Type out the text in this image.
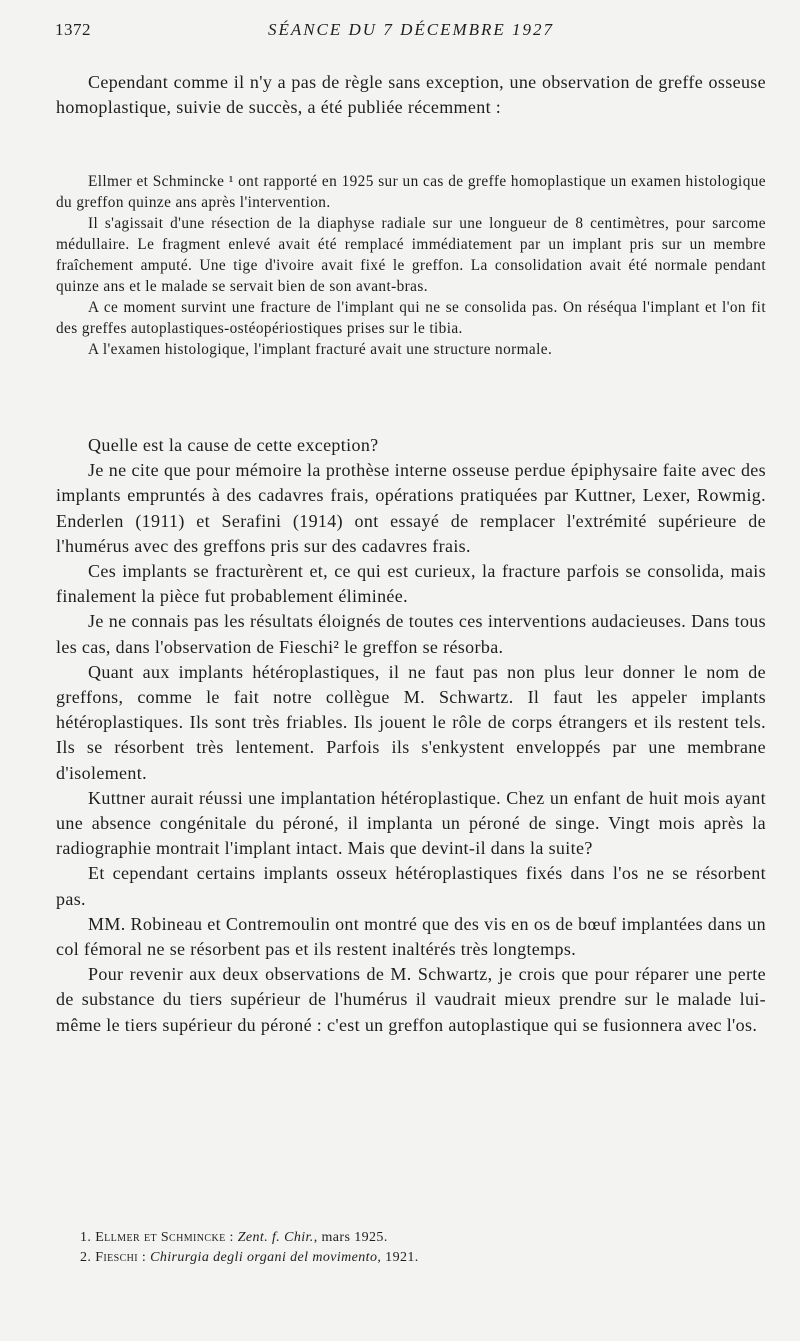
1372	SÉANCE DU 7 DÉCEMBRE 1927

Cependant comme il n'y a pas de règle sans exception, une observation de greffe osseuse homoplastique, suivie de succès, a été publiée récemment :

Ellmer et Schmincke ¹ ont rapporté en 1925 sur un cas de greffe homoplastique un examen histologique du greffon quinze ans après l'intervention.

Il s'agissait d'une résection de la diaphyse radiale sur une longueur de 8 centimètres, pour sarcome médullaire. Le fragment enlevé avait été remplacé immédiatement par un implant pris sur un membre fraîchement amputé. Une tige d'ivoire avait fixé le greffon. La consolidation avait été normale pendant quinze ans et le malade se servait bien de son avant-bras.

A ce moment survint une fracture de l'implant qui ne se consolida pas. On réséqua l'implant et l'on fit des greffes autoplastiques-ostéopériostiques prises sur le tibia.

A l'examen histologique, l'implant fracturé avait une structure normale.

Quelle est la cause de cette exception?

Je ne cite que pour mémoire la prothèse interne osseuse perdue épiphysaire faite avec des implants empruntés à des cadavres frais, opérations pratiquées par Kuttner, Lexer, Rowmig. Enderlen (1911) et Serafini (1914) ont essayé de remplacer l'extrémité supérieure de l'humérus avec des greffons pris sur des cadavres frais.

Ces implants se fracturèrent et, ce qui est curieux, la fracture parfois se consolida, mais finalement la pièce fut probablement éliminée.

Je ne connais pas les résultats éloignés de toutes ces interventions audacieuses. Dans tous les cas, dans l'observation de Fieschi² le greffon se résorba.

Quant aux implants hétéroplastiques, il ne faut pas non plus leur donner le nom de greffons, comme le fait notre collègue M. Schwartz. Il faut les appeler implants hétéroplastiques. Ils sont très friables. Ils jouent le rôle de corps étrangers et ils restent tels. Ils se résorbent très lentement. Parfois ils s'enkystent enveloppés par une membrane d'isolement.

Kuttner aurait réussi une implantation hétéroplastique. Chez un enfant de huit mois ayant une absence congénitale du péroné, il implanta un péroné de singe. Vingt mois après la radiographie montrait l'implant intact. Mais que devint-il dans la suite?

Et cependant certains implants osseux hétéroplastiques fixés dans l'os ne se résorbent pas.

MM. Robineau et Contremoulin ont montré que des vis en os de bœuf implantées dans un col fémoral ne se résorbent pas et ils restent inaltérés très longtemps.

Pour revenir aux deux observations de M. Schwartz, je crois que pour réparer une perte de substance du tiers supérieur de l'humérus il vaudrait mieux prendre sur le malade lui-même le tiers supérieur du péroné : c'est un greffon autoplastique qui se fusionnera avec l'os.

1. Ellmer et Schmincke : Zent. f. Chir., mars 1925.

2. Fieschi : Chirurgia degli organi del movimento, 1921.
